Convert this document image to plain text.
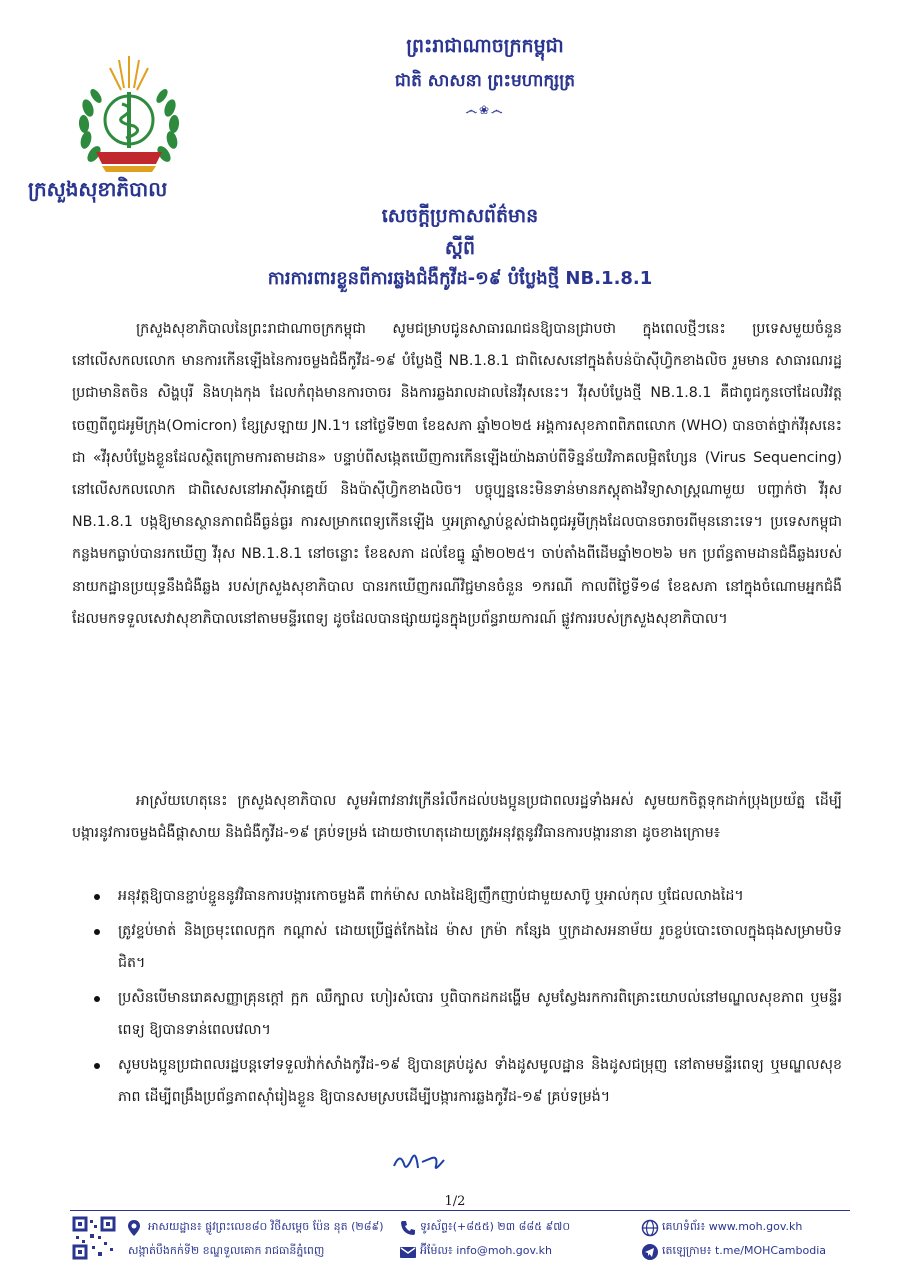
ព្រះរាជាណាចក្រកម្ពុជា
ជាតិ សាសនា ព្រះមហាក្សត្រ
෴❀෴
ក្រសួងសុខាភិបាល
សេចក្តីប្រកាសព័ត៌មាន
ស្តីពី
ការការពារខ្លួនពីការឆ្លងជំងឺកូវីដ-១៩ បំប្លែងថ្មី NB.1.8.1
ក្រសួងសុខាភិបាលនៃព្រះរាជាណាចក្រកម្ពុជា សូមជម្រាបជូនសាធារណជនឱ្យបានជ្រាបថា ក្នុងពេលថ្មីៗនេះ ប្រទេសមួយចំនួននៅលើសកលលោក មានការកើនឡើងនៃការចម្លងជំងឺកូវីដ-១៩ បំប្លែងថ្មី NB.1.8.1 ជាពិសេសនៅក្នុងតំបន់ប៉ាស៊ីហ្វិកខាងលិច រួមមាន សាធារណរដ្ឋប្រជាមានិតចិន សិង្ហបុរី និងហុងកុង ដែលកំពុងមានការចាចរ និងការឆ្លងរាលដាលនៃវីរុសនេះ។ វីរុសបំប្លែងថ្មី NB.1.8.1 គឺជាពូជកូនចៅដែលវិវត្តចេញពីពូជអូមីក្រុង(Omicron) ខ្សែស្រឡាយ JN.1។ នៅថ្ងៃទី២៣ ខែឧសភា ឆ្នាំ២០២៥ អង្គការសុខភាពពិភពលោក (WHO) បានចាត់ថ្នាក់វីរុសនេះជា «វីរុសបំប្លែងខ្លួនដែលស្ថិតក្រោមការតាមដាន» បន្ទាប់ពីសង្កេតឃើញការកើនឡើងយ៉ាងឆាប់ពីទិន្នន័យវិភាគលម្អិតហ្សែន (Virus Sequencing) នៅលើសកលលោក ជាពិសេសនៅអាស៊ីអាគ្នេយ៍ និងប៉ាស៊ីហ្វិកខាងលិច។ បច្ចុប្បន្ននេះមិនទាន់មានភស្តុតាងវិទ្យាសាស្ត្រណាមួយ បញ្ជាក់ថា វីរុស NB.1.8.1 បង្កឱ្យមានស្ថានភាពជំងឺធ្ងន់ធ្ងរ ការសម្រាកពេទ្យកើនឡើង ឬអត្រាស្លាប់ខ្ពស់ជាងពូជអូមីក្រុងដែលបានចរាចរពីមុននោះទេ។ ប្រទេសកម្ពុជា កន្លងមកធ្លាប់បានរកឃើញ វីរុស NB.1.8.1 នៅចន្លោះ ខែឧសភា ដល់ខែធ្នូ ឆ្នាំ២០២៥។ ចាប់តាំងពីដើមឆ្នាំ២០២៦ មក ប្រព័ន្ធតាមដានជំងឺឆ្លងរបស់នាយកដ្ឋានប្រយុទ្ធនឹងជំងឺឆ្លង របស់ក្រសួងសុខាភិបាល បានរកឃើញករណីវិជ្ជមានចំនួន ១ករណី កាលពីថ្ងៃទី១៨ ខែឧសភា នៅក្នុងចំណោមអ្នកជំងឺដែលមកទទួលសេវាសុខាភិបាលនៅតាមមន្ទីរពេទ្យ ដូចដែលបានផ្សាយជូនក្នុងប្រព័ន្ធរាយការណ៍ ផ្លូវការរបស់ក្រសួងសុខាភិបាល។
អាស្រ័យហេតុនេះ ក្រសួងសុខាភិបាល សូមអំពាវនាវក្រើនរំលឹកដល់បងប្អូនប្រជាពលរដ្ឋទាំងអស់ សូមយកចិត្តទុកដាក់ប្រុងប្រយ័ត្ន ដើម្បីបង្ការនូវការចម្លងជំងឺផ្តាសាយ និងជំងឺកូវីដ-១៩ គ្រប់ទម្រង់ ដោយថាហេតុដោយត្រូវអនុវត្តនូវវិធានការបង្ការនានា ដូចខាងក្រោម៖
អនុវត្តឱ្យបានខ្ជាប់ខ្ជួននូវវិធានការបង្ការកោចម្លងគឺ ពាក់ម៉ាស លាងដៃឱ្យញឹកញាប់ជាមួយសាប៊ូ ឬអាល់កុល ឬជែលលាងដៃ។
ត្រូវខ្ទប់មាត់ និងច្រមុះពេលក្អក កណ្តាស់ ដោយប្រើផ្នត់កែងដៃ ម៉ាស ក្រម៉ា កន្សែង ឬក្រដាសអនាម័យ រួចខ្ចប់បោះចោលក្នុងធុងសម្រាមបិទជិត។
ប្រសិនបើមានរោគសញ្ញាគ្រុនក្តៅ ក្អក ឈឺក្បាល ហៀរសំបោរ ឬពិបាកដកដង្ហើម សូមស្វែងរកការពិគ្រោះយោបល់នៅមណ្ឌលសុខភាព ឬមន្ទីរពេទ្យ ឱ្យបានទាន់ពេលវេលា។
សូមបងប្អូនប្រជាពលរដ្ឋបន្តទៅទទួលវ៉ាក់សាំងកូវីដ-១៩ ឱ្យបានគ្រប់ដូស ទាំងដូសមូលដ្ឋាន និងដូសជម្រុញ នៅតាមមន្ទីរពេទ្យ ឬមណ្ឌលសុខភាព ដើម្បីពង្រឹងប្រព័ន្ធភាពស៊ាំរៀងខ្លួន ឱ្យបានសមស្របដើម្បីបង្ការការឆ្លងកូវីដ-១៩ គ្រប់ទម្រង់។
1/2
អាសយដ្ឋាន៖ ផ្លូវព្រះលេខ៨០ វិថីសម្តេច ប៉ែន នុត (២៨៩)
សង្កាត់បឹងកក់ទី២ ខណ្ឌទួលគោក រាជធានីភ្នំពេញ
ទូរស័ព្ទ៖(+៨៥៥) ២៣ ៨៨៥ ៩៧០
អ៊ីម៉ែល៖ info@moh.gov.kh
គេហទំព័រ៖ www.moh.gov.kh
តេឡេក្រាម៖ t.me/MOHCambodia
